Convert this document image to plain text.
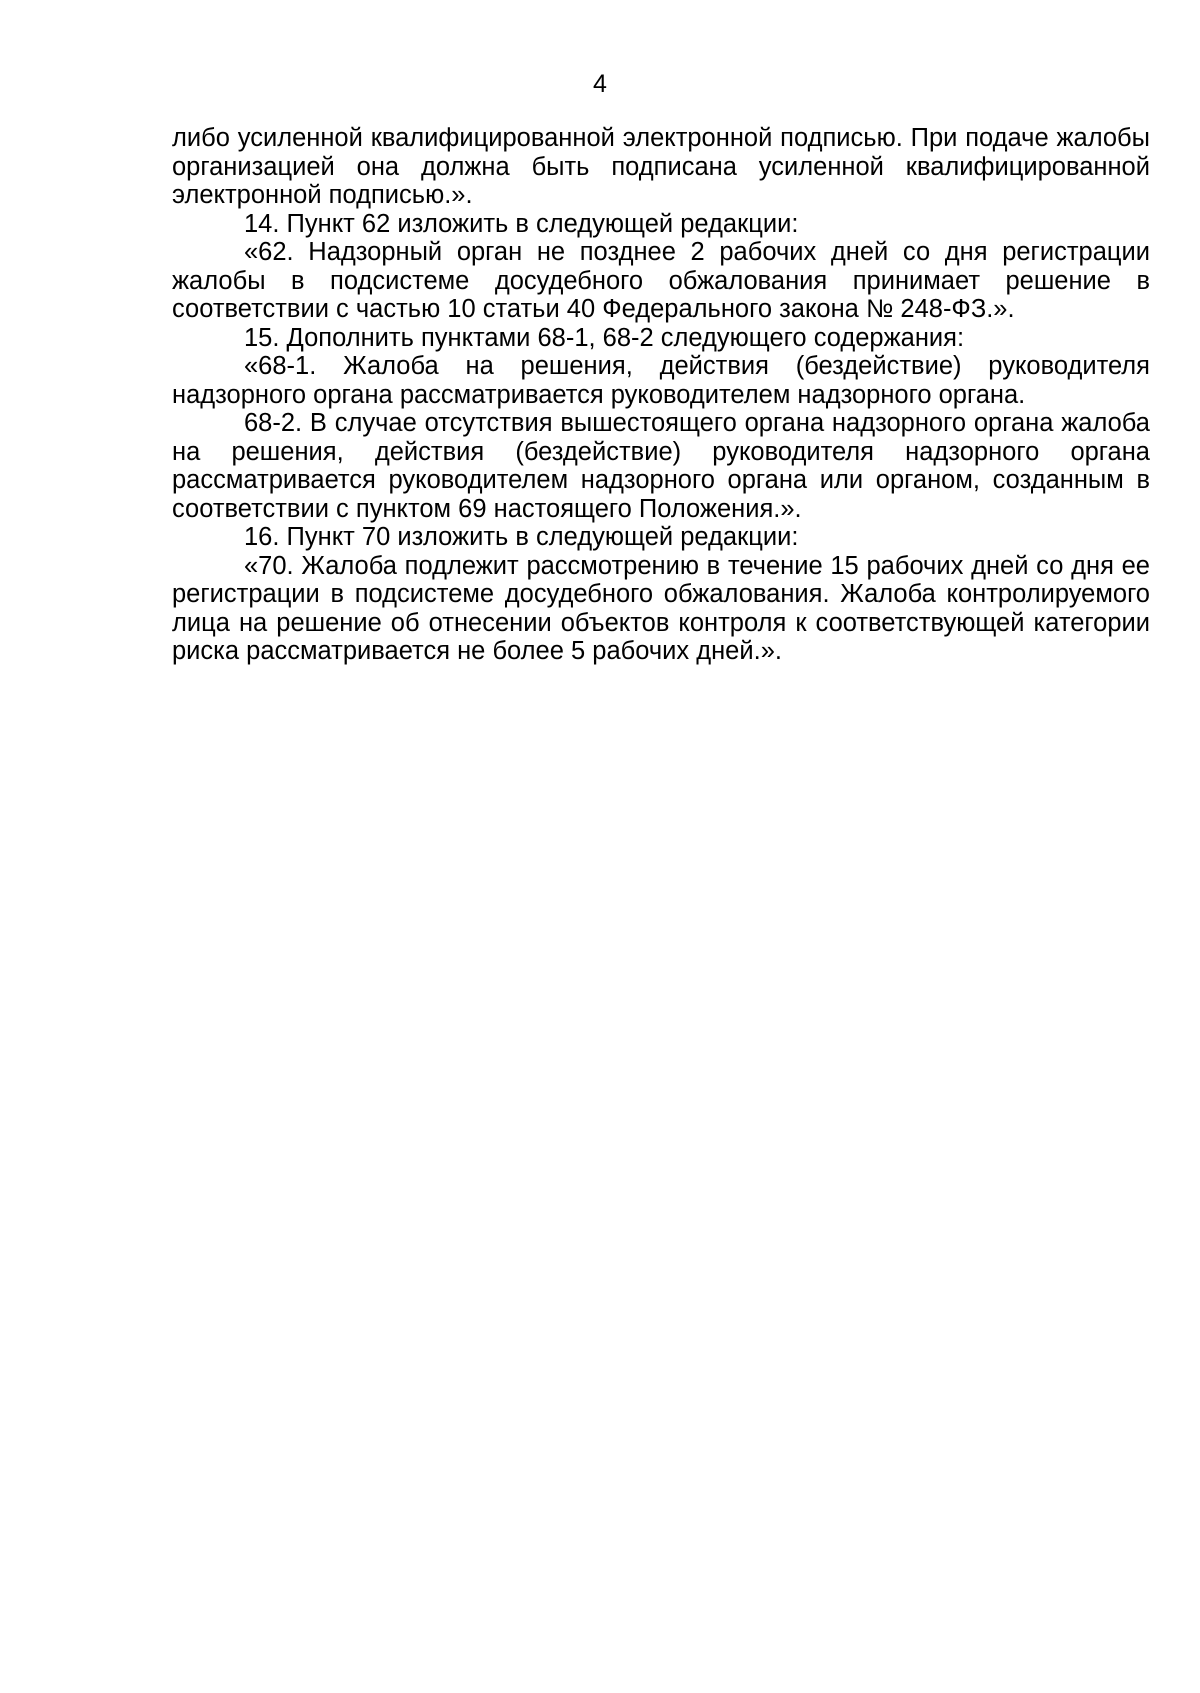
4

либо усиленной квалифицированной электронной подписью. При подаче жалобы организацией она должна быть подписана усиленной квалифицированной электронной подписью.».

14. Пункт 62 изложить в следующей редакции:

«62. Надзорный орган не позднее 2 рабочих дней со дня регистрации жалобы в подсистеме досудебного обжалования принимает решение в соответствии с частью 10 статьи 40 Федерального закона № 248-ФЗ.».

15. Дополнить пунктами 68-1, 68-2 следующего содержания:

«68-1. Жалоба на решения, действия (бездействие) руководителя надзорного органа рассматривается руководителем надзорного органа.

68-2. В случае отсутствия вышестоящего органа надзорного органа жалоба на решения, действия (бездействие) руководителя надзорного органа рассматривается руководителем надзорного органа или органом, созданным в соответствии с пунктом 69 настоящего Положения.».

16. Пункт 70 изложить в следующей редакции:

«70. Жалоба подлежит рассмотрению в течение 15 рабочих дней со дня ее регистрации в подсистеме досудебного обжалования. Жалоба контролируемого лица на решение об отнесении объектов контроля к соответствующей категории риска рассматривается не более 5 рабочих дней.».
